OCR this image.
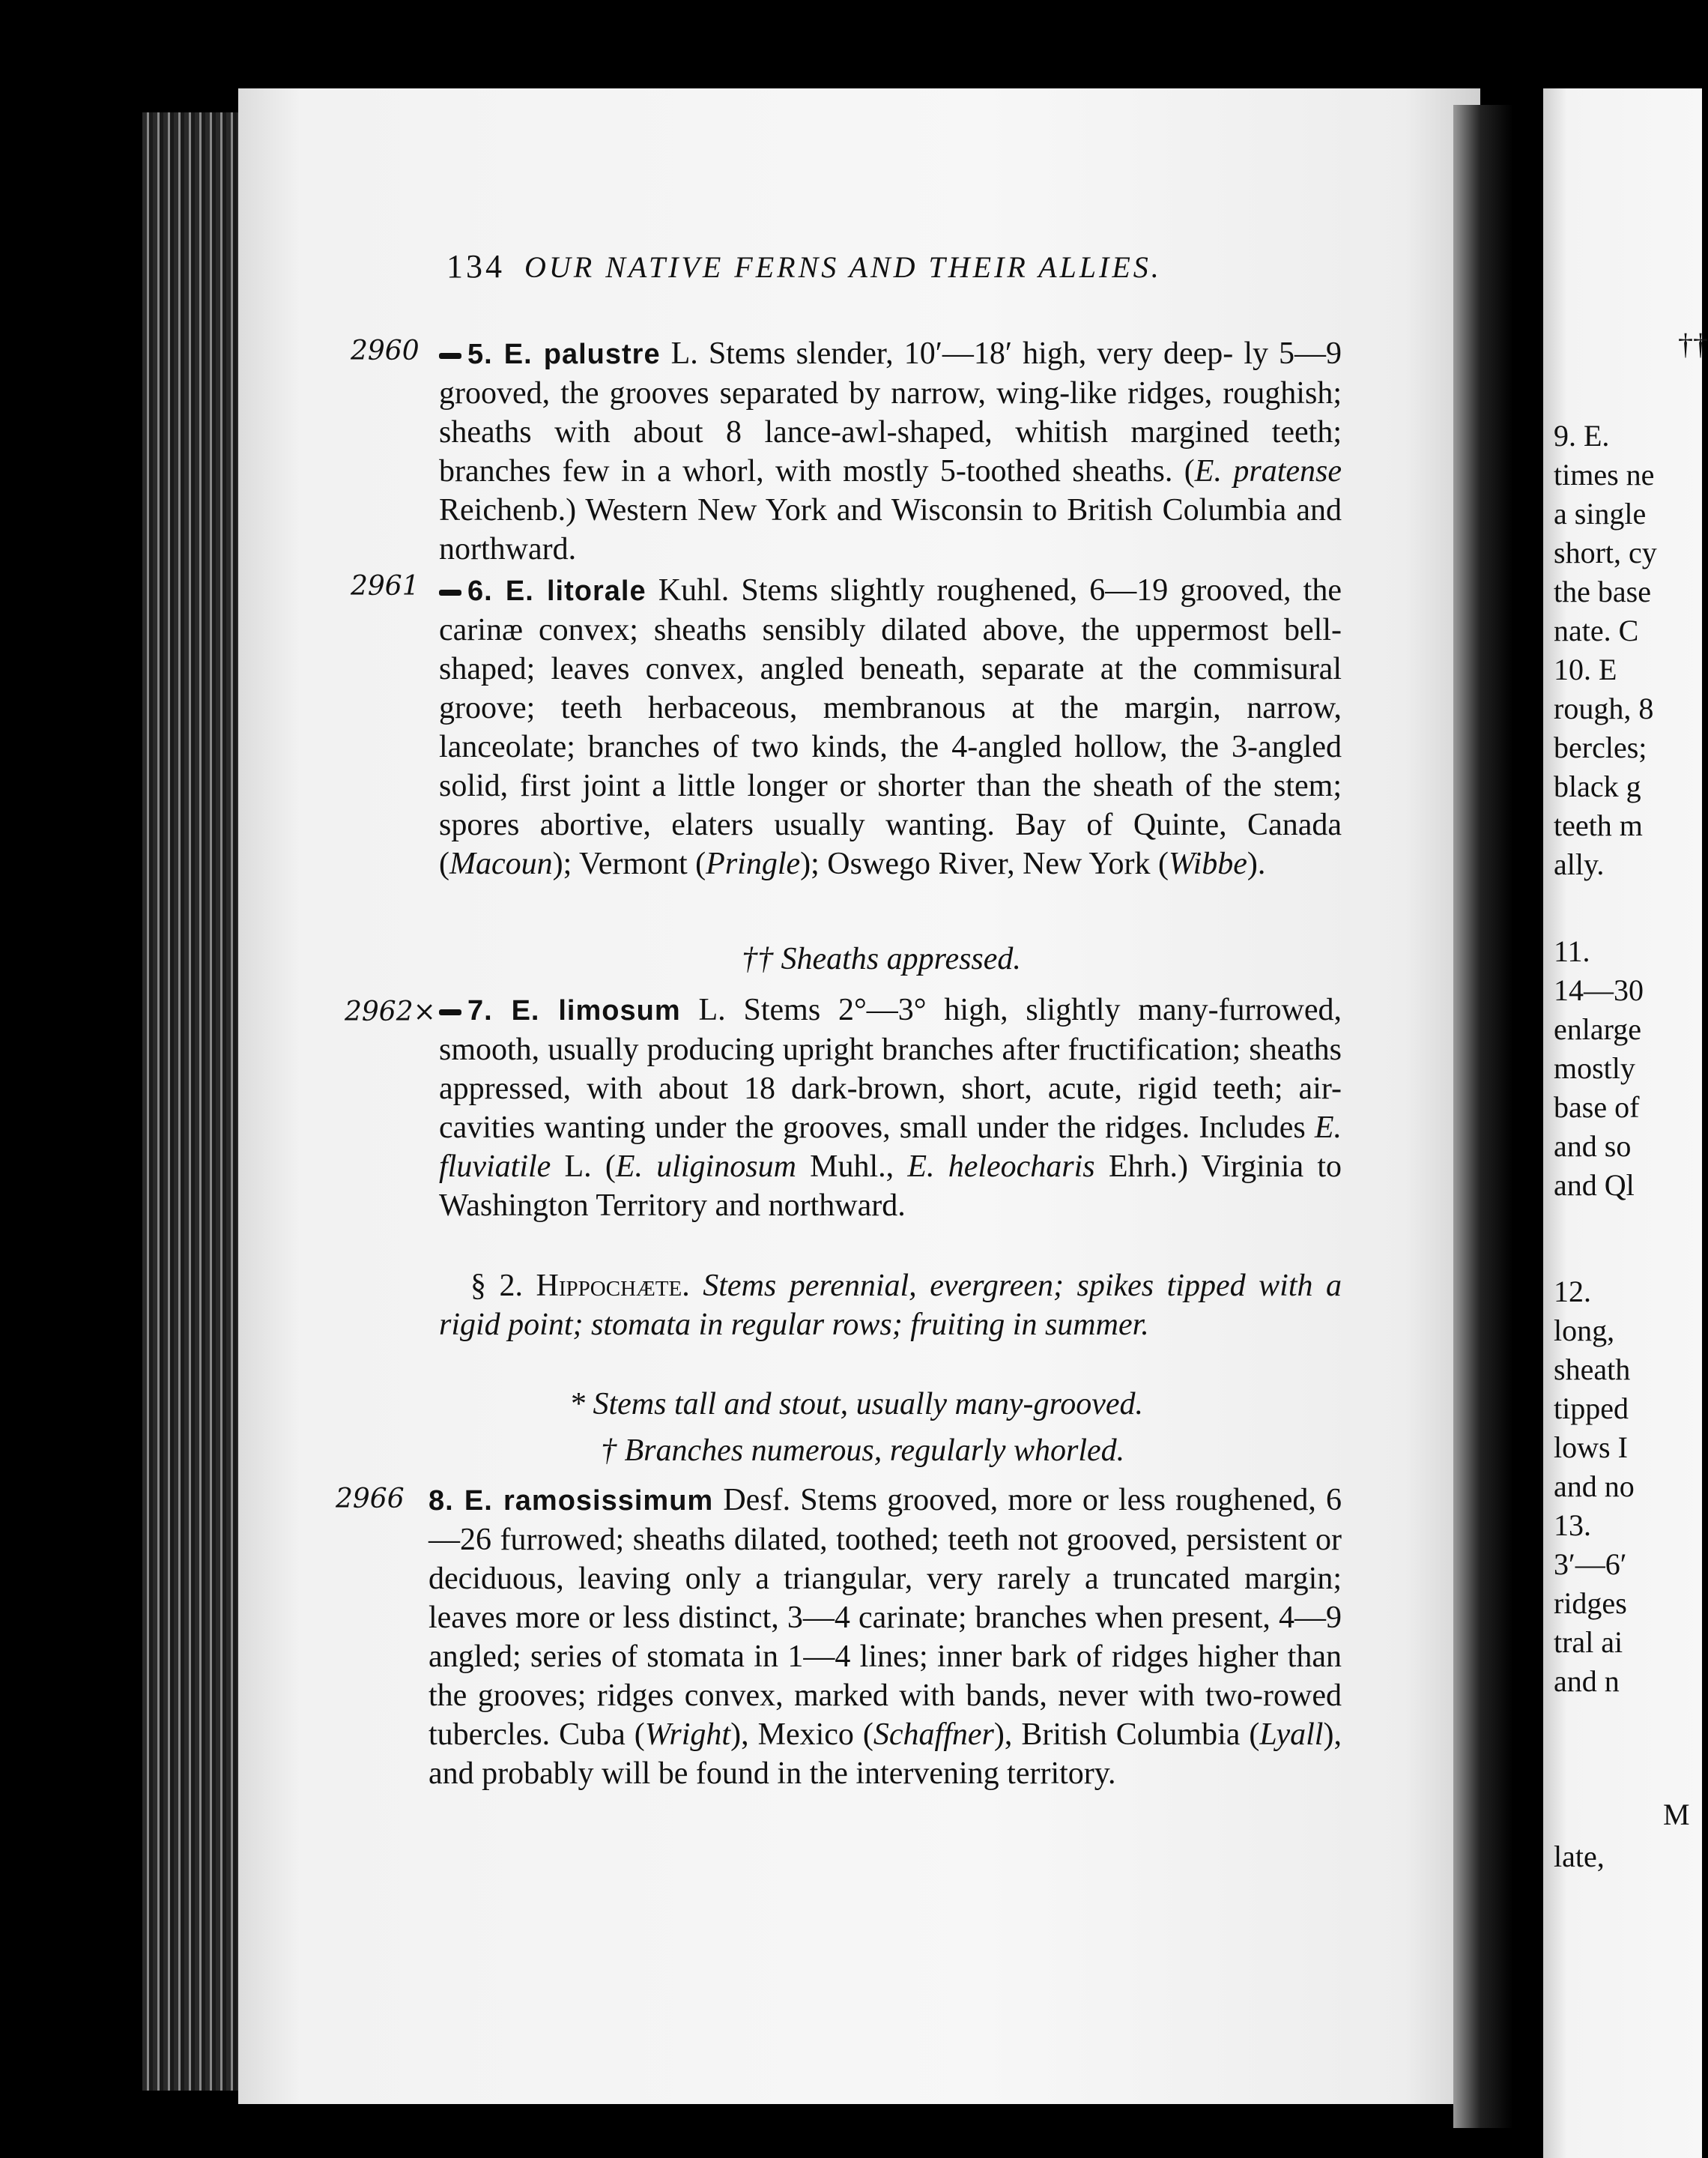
134 OUR NATIVE FERNS AND THEIR ALLIES.
2960
2961
2962×
2966
5. E. palustre L. Stems slender, 10′—18′ high, very deep- ly 5—9 grooved, the grooves separated by narrow, wing-like ridges, roughish; sheaths with about 8 lance-awl-shaped, whitish margined teeth; branches few in a whorl, with mostly 5-toothed sheaths. (E. pratense Reichenb.) Western New York and Wisconsin to British Columbia and northward.
6. E. litorale Kuhl. Stems slightly roughened, 6—19 grooved, the carinæ convex; sheaths sensibly dilated above, the uppermost bell-shaped; leaves convex, angled beneath, separate at the commisural groove; teeth herbaceous, membranous at the margin, narrow, lanceolate; branches of two kinds, the 4-angled hollow, the 3-angled solid, first joint a little longer or shorter than the sheath of the stem; spores abortive, elaters usually wanting. Bay of Quinte, Canada (Macoun); Vermont (Pringle); Oswego River, New York (Wibbe).
†† Sheaths appressed.
7. E. limosum L. Stems 2°—3° high, slightly many-furrowed, smooth, usually producing upright branches after fructification; sheaths appressed, with about 18 dark-brown, short, acute, rigid teeth; air-cavities wanting under the grooves, small under the ridges. Includes E. fluviatile L. (E. uliginosum Muhl., E. heleocharis Ehrh.) Virginia to Washington Territory and northward.
§ 2. Hippochæte. Stems perennial, evergreen; spikes tipped with a rigid point; stomata in regular rows; fruiting in summer.
* Stems tall and stout, usually many-grooved.
† Branches numerous, regularly whorled.
8. E. ramosissimum Desf. Stems grooved, more or less roughened, 6—26 furrowed; sheaths dilated, toothed; teeth not grooved, persistent or deciduous, leaving only a triangular, very rarely a truncated margin; leaves more or less distinct, 3—4 carinate; branches when present, 4—9 angled; series of stomata in 1—4 lines; inner bark of ridges higher than the grooves; ridges convex, marked with bands, never with two-rowed tubercles. Cuba (Wright), Mexico (Schaffner), British Columbia (Lyall), and probably will be found in the intervening territory.
††
9. E.
times ne
a single
short, cy
the base
nate. C
10. E
rough, 8
bercles;
black g
teeth m
ally.
11.
14—30
enlarge
mostly
base of
and so
and Ql
12.
long,
sheath
tipped
lows I
and no
13.
3′—6′
ridges
tral ai
and n
M
late,
